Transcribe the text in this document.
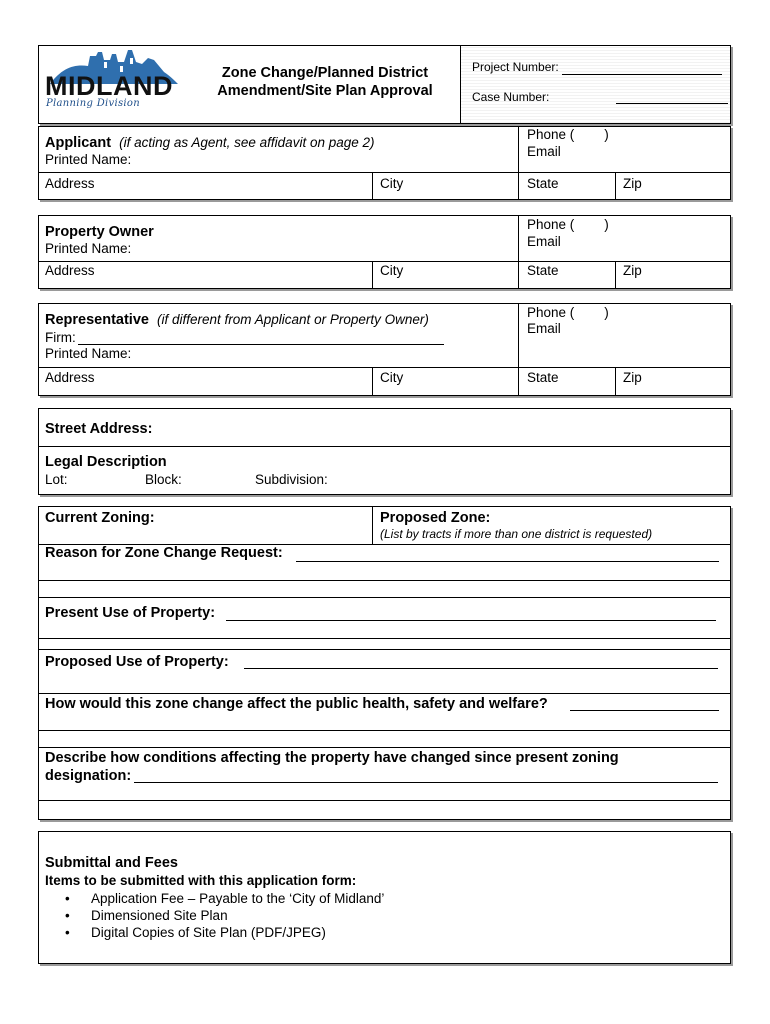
MIDLAND
Planning Division
Zone Change/Planned District
Amendment/Site Plan Approval
Project Number:
Case Number:
Applicant (if acting as Agent, see affidavit on page 2)
Printed Name:
Phone (        )
Email
Address	City	State	Zip
Property Owner
Printed Name:
Phone (        )
Email
Address	City	State	Zip
Representative (if different from Applicant or Property Owner)
Firm:
Printed Name:
Phone (        )
Email
Address	City	State	Zip
Street Address:
Legal Description
Lot:	Block:	Subdivision:
Current Zoning:	Proposed Zone:
(List by tracts if more than one district is requested)
Reason for Zone Change Request:
Present Use of Property:
Proposed Use of Property:
How would this zone change affect the public health, safety and welfare?
Describe how conditions affecting the property have changed since present zoning
designation:
Submittal and Fees
Items to be submitted with this application form:
• Application Fee – Payable to the ‘City of Midland’
• Dimensioned Site Plan
• Digital Copies of Site Plan (PDF/JPEG)
